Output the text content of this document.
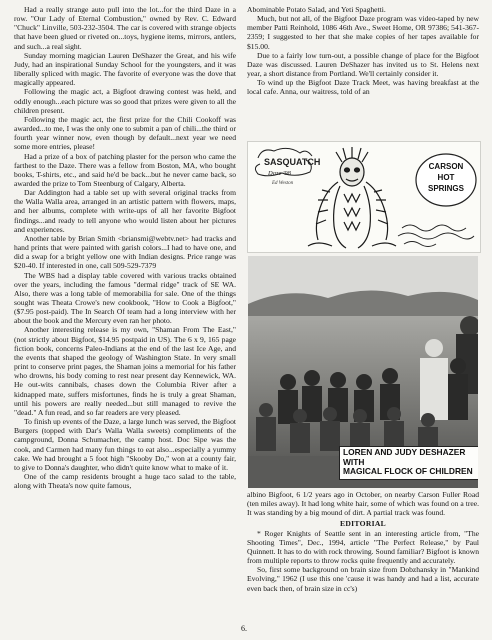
Had a really strange auto pull into the lot...for the third Daze in a row. "Our Lady of Eternal Combustion," owned by Rev. C. Edward "Chuck" Linville, 503-232-3504. The car is covered with strange objects that have been glued or riveted on...toys, hygiene items, mirrors, antlers, and such...a real sight.

Sunday morning magician Lauren DeShazer the Great, and his wife Judy, had an inspirational Sunday School for the youngsters, and it was liberally spliced with magic. The favorite of everyone was the dove that magically appeared.

Following the magic act, a Bigfoot drawing contest was held, and oddly enough...each picture was so good that prizes were given to all the children present.

Following the magic act, the first prize for the Chili Cookoff was awarded...to me, I was the only one to submit a pan of chili...the third or fourth year winner now, even though by default...next year we need some more entries, please!

Had a prize of a box of patching plaster for the person who came the farthest to the Daze. There was a fellow from Boston, MA, who bought books, T-shirts, etc., and said he'd be back...but he never came back, so awarded the prize to Tom Steenburg of Calgary, Alberta.

Dar Addington had a table set up with several original tracks from the Walla Walla area, arranged in an artistic pattern with flowers, maps, and her albums, complete with write-ups of all her favorite Bigfoot findings...and ready to tell anyone who would listen about her pictures and experiences.

Another table by Brian Smith <briansmi@webtv.net> had tracks and hand prints that were painted with garish colors...I had to have one, and did a swap for a bright yellow one with Indian designs. Price range was $20-40. If interested in one, call 509-529-7379

The WBS had a display table covered with various tracks obtained over the years, including the famous "dermal ridge" track of SE WA. Also, there was a long table of memorabilia for sale. One of the things sought was Theata Crowe's new cookbook, "How to Cook a Bigfoot," ($7.95 post-paid). The In Search Of team had a long interview with her about the book and the Mercury even ran her photo.

Another interesting release is my own, "Shaman From The East," (not strictly about Bigfoot, $14.95 postpaid in US). The 6 x 9, 165 page fiction book, concerns Paleo-Indians at the end of the last Ice Age, and the events that shaped the geology of Washington State. In very small print to conserve print pages, the Shaman joins a memorial for his father who drowns, his body coming to rest near present day Kennewick, WA. He out-wits cannibals, chases down the Columbia River after a kidnapped mate, suffers misfortunes, finds he is truly a great Shaman, until his powers are really needed...but still managed to revive the "dead." A fun read, and so far readers are very pleased.

To finish up events of the Daze, a large lunch was served, the Bigfoot Burgers (topped with Dar's Walla Walla sweets) compliments of the campground, Donna Schumacher, the camp host. Doc Sipe was the cook, and Carmen had many fun things to eat also...especially a yummy cake. We had brought a 5 foot high "Skooby Do," won at a county fair, to give to Donna's daughter, who didn't quite know what to make of it.

One of the camp residents brought a huge taco salad to the table, along with Theata's now quite famous,

Abominable Potato Salad, and Yeti Spaghetti.

Much, but not all, of the Bigfoot Daze program was video-taped by new member Patti Reinhold, 1086 46th Ave., Sweet Home, OR 97386; 541-367-2359; I suggested to her that she make copies of her tapes available for $15.00.

Due to a fairly low turn-out, a possible change of place for the Bigfoot Daze was discussed. Lauren DeShazer has invited us to St. Helens next year, a short distance from Portland. We'll certainly consider it.

To wind up the Bigfoot Daze Track Meet, was having breakfast at the local cafe. Anna, our waitress, told of an

SASQUATCH
Daze '98
Ed Weston
CARSON
HOT
SPRINGS
LOREN AND JUDY DESHAZER WITH
MAGICAL FLOCK OF CHILDREN

albino Bigfoot, 6 1/2 years ago in October, on nearby Carson Fuller Road (ten miles away). It had long white hair, some of which was found on a tree. It was standing by a big mound of dirt. A partial track was found.

EDITORIAL

* Roger Knights of Seattle sent in an interesting article from, "The Shooting Times", Dec., 1994, article "The Perfect Release," by Paul Quinnett. It has to do with rock throwing. Sound familiar? Bigfoot is known from multiple reports to throw rocks quite frequently and accurately.

So, first some background on brain size from Dobzhansky in "Mankind Evolving," 1962 (I use this one 'cause it was handy and had a list, accurate even back then, of brain size in cc's)

6.
